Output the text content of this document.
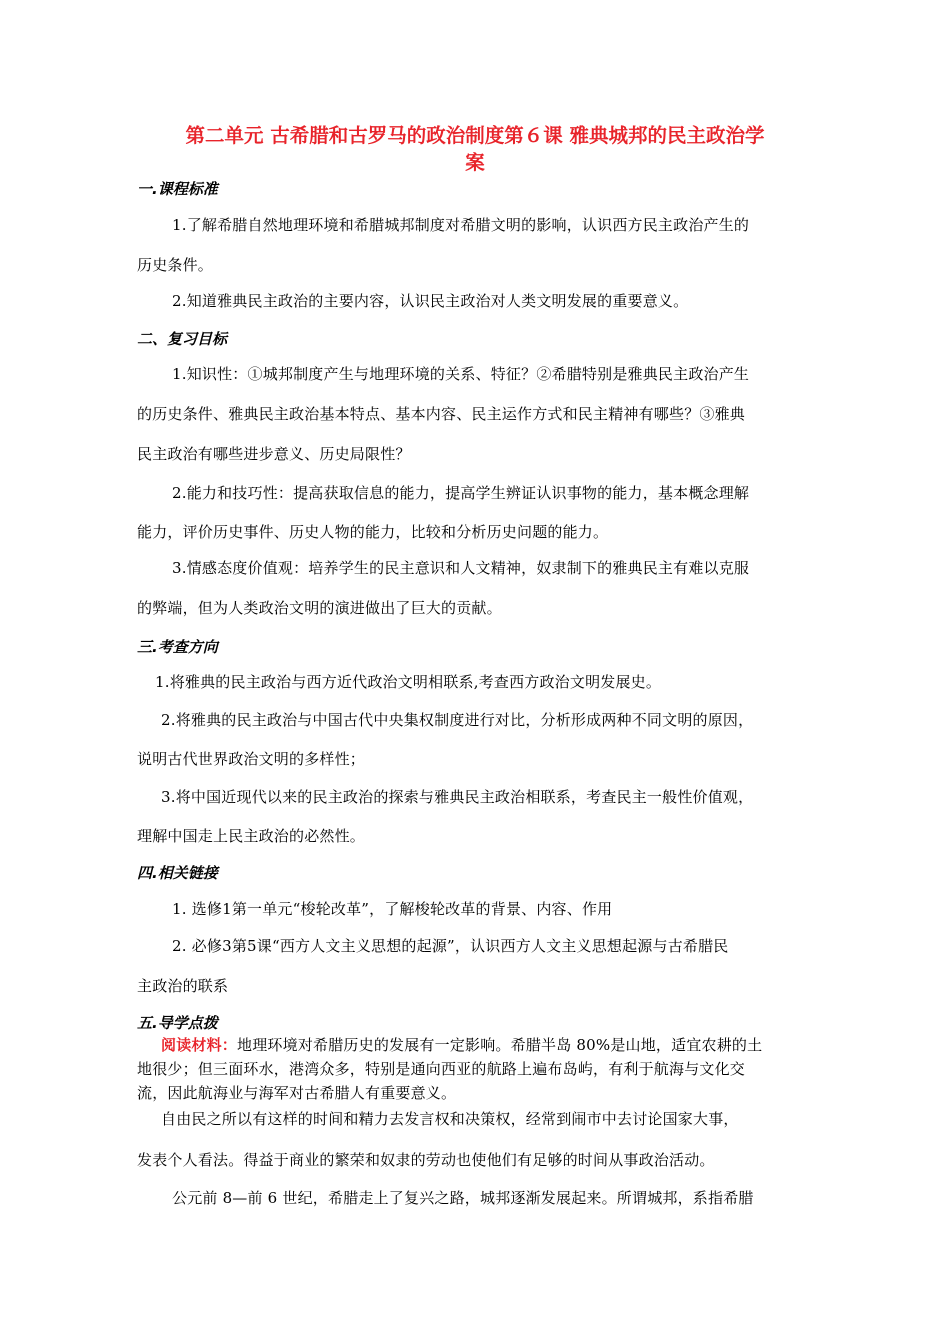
第二单元 古希腊和古罗马的政治制度第６课 雅典城邦的民主政治学
案
一.课程标准
1.了解希腊自然地理环境和希腊城邦制度对希腊文明的影响，认识西方民主政治产生的
历史条件。
2.知道雅典民主政治的主要内容，认识民主政治对人类文明发展的重要意义。
二、复习目标
1.知识性：①城邦制度产生与地理环境的关系、特征？②希腊特别是雅典民主政治产生
的历史条件、雅典民主政治基本特点、基本内容、民主运作方式和民主精神有哪些？③雅典
民主政治有哪些进步意义、历史局限性？
2.能力和技巧性：提高获取信息的能力，提高学生辨证认识事物的能力，基本概念理解
能力，评价历史事件、历史人物的能力，比较和分析历史问题的能力。
3.情感态度价值观：培养学生的民主意识和人文精神，奴隶制下的雅典民主有难以克服
的弊端，但为人类政治文明的演进做出了巨大的贡献。
三.考查方向
1.将雅典的民主政治与西方近代政治文明相联系,考查西方政治文明发展史。
2.将雅典的民主政治与中国古代中央集权制度进行对比，分析形成两种不同文明的原因，
说明古代世界政治文明的多样性；
3.将中国近现代以来的民主政治的探索与雅典民主政治相联系，考查民主一般性价值观，
理解中国走上民主政治的必然性。
四.相关链接
1. 选修1第一单元“梭轮改革”，了解梭轮改革的背景、内容、作用
2. 必修3第5课“西方人文主义思想的起源”，认识西方人文主义思想起源与古希腊民
主政治的联系
五.导学点拨
阅读材料：地理环境对希腊历史的发展有一定影响。希腊半岛 80%是山地，适宜农耕的土
地很少；但三面环水，港湾众多，特别是通向西亚的航路上遍布岛屿，有利于航海与文化交
流，因此航海业与海军对古希腊人有重要意义。
自由民之所以有这样的时间和精力去发言权和决策权，经常到闹市中去讨论国家大事，
发表个人看法。得益于商业的繁荣和奴隶的劳动也使他们有足够的时间从事政治活动。
公元前 8—前 6 世纪，希腊走上了复兴之路，城邦逐渐发展起来。所谓城邦，系指希腊
